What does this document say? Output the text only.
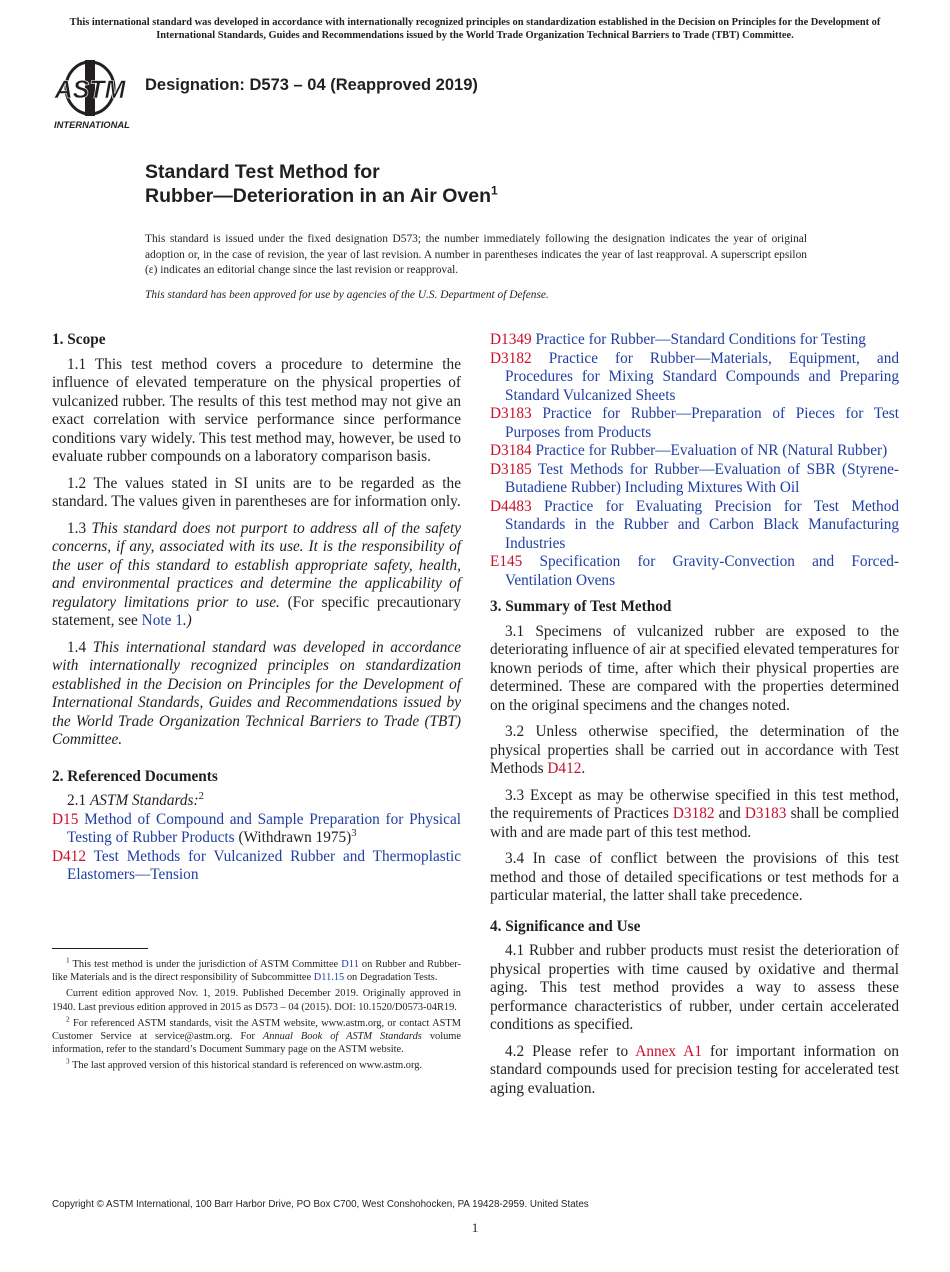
This international standard was developed in accordance with internationally recognized principles on standardization established in the Decision on Principles for the Development of International Standards, Guides and Recommendations issued by the World Trade Organization Technical Barriers to Trade (TBT) Committee.
ASTM
INTERNATIONAL
Designation: D573 – 04 (Reapproved 2019)
Standard Test Method for
Rubber—Deterioration in an Air Oven$^1$

This standard is issued under the fixed designation D573; the number immediately following the designation indicates the year of original adoption or, in the case of revision, the year of last revision. A number in parentheses indicates the year of last reapproval. A superscript epsilon (ε) indicates an editorial change since the last revision or reapproval.

This standard has been approved for use by agencies of the U.S. Department of Defense.

1. Scope

1.1 This test method covers a procedure to determine the influence of elevated temperature on the physical properties of vulcanized rubber. The results of this test method may not give an exact correlation with service performance since performance conditions vary widely. This test method may, however, be used to evaluate rubber compounds on a laboratory comparison basis.

1.2 The values stated in SI units are to be regarded as the standard. The values given in parentheses are for information only.

1.3 This standard does not purport to address all of the safety concerns, if any, associated with its use. It is the responsibility of the user of this standard to establish appropriate safety, health, and environmental practices and determine the applicability of regulatory limitations prior to use. (For specific precautionary statement, see Note 1.)

1.4 This international standard was developed in accordance with internationally recognized principles on standardization established in the Decision on Principles for the Development of International Standards, Guides and Recommendations issued by the World Trade Organization Technical Barriers to Trade (TBT) Committee.

2. Referenced Documents

2.1 ASTM Standards:$^2$

D15 Method of Compound and Sample Preparation for Physical Testing of Rubber Products (Withdrawn 1975)$^3$

D412 Test Methods for Vulcanized Rubber and Thermoplastic Elastomers—Tension

$^1$ This test method is under the jurisdiction of ASTM Committee D11 on Rubber and Rubber-like Materials and is the direct responsibility of Subcommittee D11.15 on Degradation Tests.

Current edition approved Nov. 1, 2019. Published December 2019. Originally approved in 1940. Last previous edition approved in 2015 as D573 – 04 (2015). DOI: 10.1520/D0573-04R19.

$^2$ For referenced ASTM standards, visit the ASTM website, www.astm.org, or contact ASTM Customer Service at service@astm.org. For Annual Book of ASTM Standards volume information, refer to the standard’s Document Summary page on the ASTM website.

$^3$ The last approved version of this historical standard is referenced on www.astm.org.

D1349 Practice for Rubber—Standard Conditions for Testing

D3182 Practice for Rubber—Materials, Equipment, and Procedures for Mixing Standard Compounds and Preparing Standard Vulcanized Sheets

D3183 Practice for Rubber—Preparation of Pieces for Test Purposes from Products

D3184 Practice for Rubber—Evaluation of NR (Natural Rubber)

D3185 Test Methods for Rubber—Evaluation of SBR (Styrene-Butadiene Rubber) Including Mixtures With Oil

D4483 Practice for Evaluating Precision for Test Method Standards in the Rubber and Carbon Black Manufacturing Industries

E145 Specification for Gravity-Convection and Forced-Ventilation Ovens

3. Summary of Test Method

3.1 Specimens of vulcanized rubber are exposed to the deteriorating influence of air at specified elevated temperatures for known periods of time, after which their physical properties are determined. These are compared with the properties determined on the original specimens and the changes noted.

3.2 Unless otherwise specified, the determination of the physical properties shall be carried out in accordance with Test Methods D412.

3.3 Except as may be otherwise specified in this test method, the requirements of Practices D3182 and D3183 shall be complied with and are made part of this test method.

3.4 In case of conflict between the provisions of this test method and those of detailed specifications or test methods for a particular material, the latter shall take precedence.

4. Significance and Use

4.1 Rubber and rubber products must resist the deterioration of physical properties with time caused by oxidative and thermal aging. This test method provides a way to assess these performance characteristics of rubber, under certain accelerated conditions as specified.

4.2 Please refer to Annex A1 for important information on standard compounds used for precision testing for accelerated test aging evaluation.

Copyright © ASTM International, 100 Barr Harbor Drive, PO Box C700, West Conshohocken, PA 19428-2959. United States
1
